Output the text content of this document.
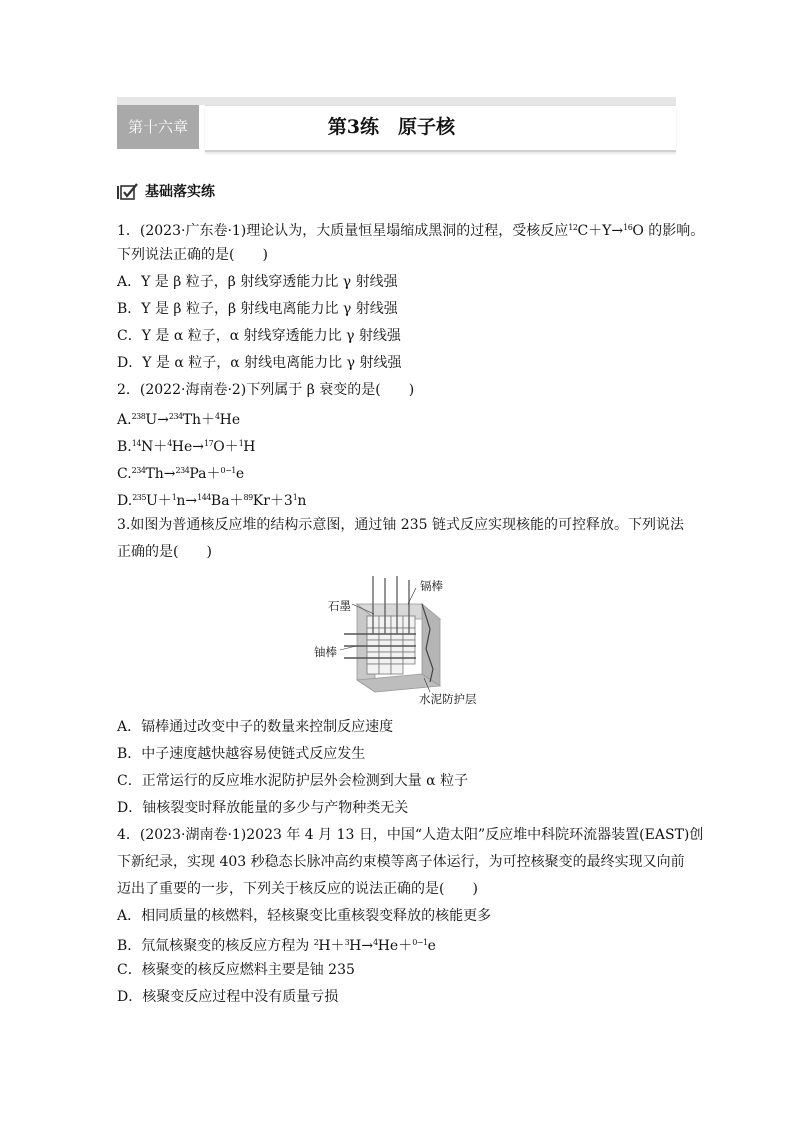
第十六章	第3练　原子核
基础落实练
1．(2023·广东卷·1)理论认为，大质量恒星塌缩成黑洞的过程，受核反应$^{12}$C＋Y→$^{16}$O 的影响。
下列说法正确的是(　　)
A．Y 是 β 粒子，β 射线穿透能力比 γ 射线强
B．Y 是 β 粒子，β 射线电离能力比 γ 射线强
C．Y 是 α 粒子，α 射线穿透能力比 γ 射线强
D．Y 是 α 粒子，α 射线电离能力比 γ 射线强
2．(2022·海南卷·2)下列属于 β 衰变的是(　　)
A.$^{238}$U→$^{234}$Th＋$^4$He
B.$^{14}$N＋$^4$He→$^{17}$O＋$^1$H
C.$^{234}$Th→$^{234}$Pa＋$^{0-1}$e
$D.^{235}U+^1n\to^{144}Ba+^{89}Kr+3^1n$
3.如图为普通核反应堆的结构示意图，通过铀 235 链式反应实现核能的可控释放。下列说法
正确的是(　　)
镉棒
石墨
铀棒
水泥防护层
A．镉棒通过改变中子的数量来控制反应速度
B．中子速度越快越容易使链式反应发生
C．正常运行的反应堆水泥防护层外会检测到大量 α 粒子
D．铀核裂变时释放能量的多少与产物种类无关
4．(2023·湖南卷·1)2023 年 4 月 13 日，中国“人造太阳”反应堆中科院环流器装置(EAST)创
下新纪录，实现 403 秒稳态长脉冲高约束模等离子体运行，为可控核聚变的最终实现又向前
迈出了重要的一步，下列关于核反应的说法正确的是(　　)
A．相同质量的核燃料，轻核聚变比重核裂变释放的核能更多
B．氘氚核聚变的核反应方程为 $^2$H＋$^3$H→$^4$He＋$^{0-1}$e
C．核聚变的核反应燃料主要是铀 235
D．核聚变反应过程中没有质量亏损
